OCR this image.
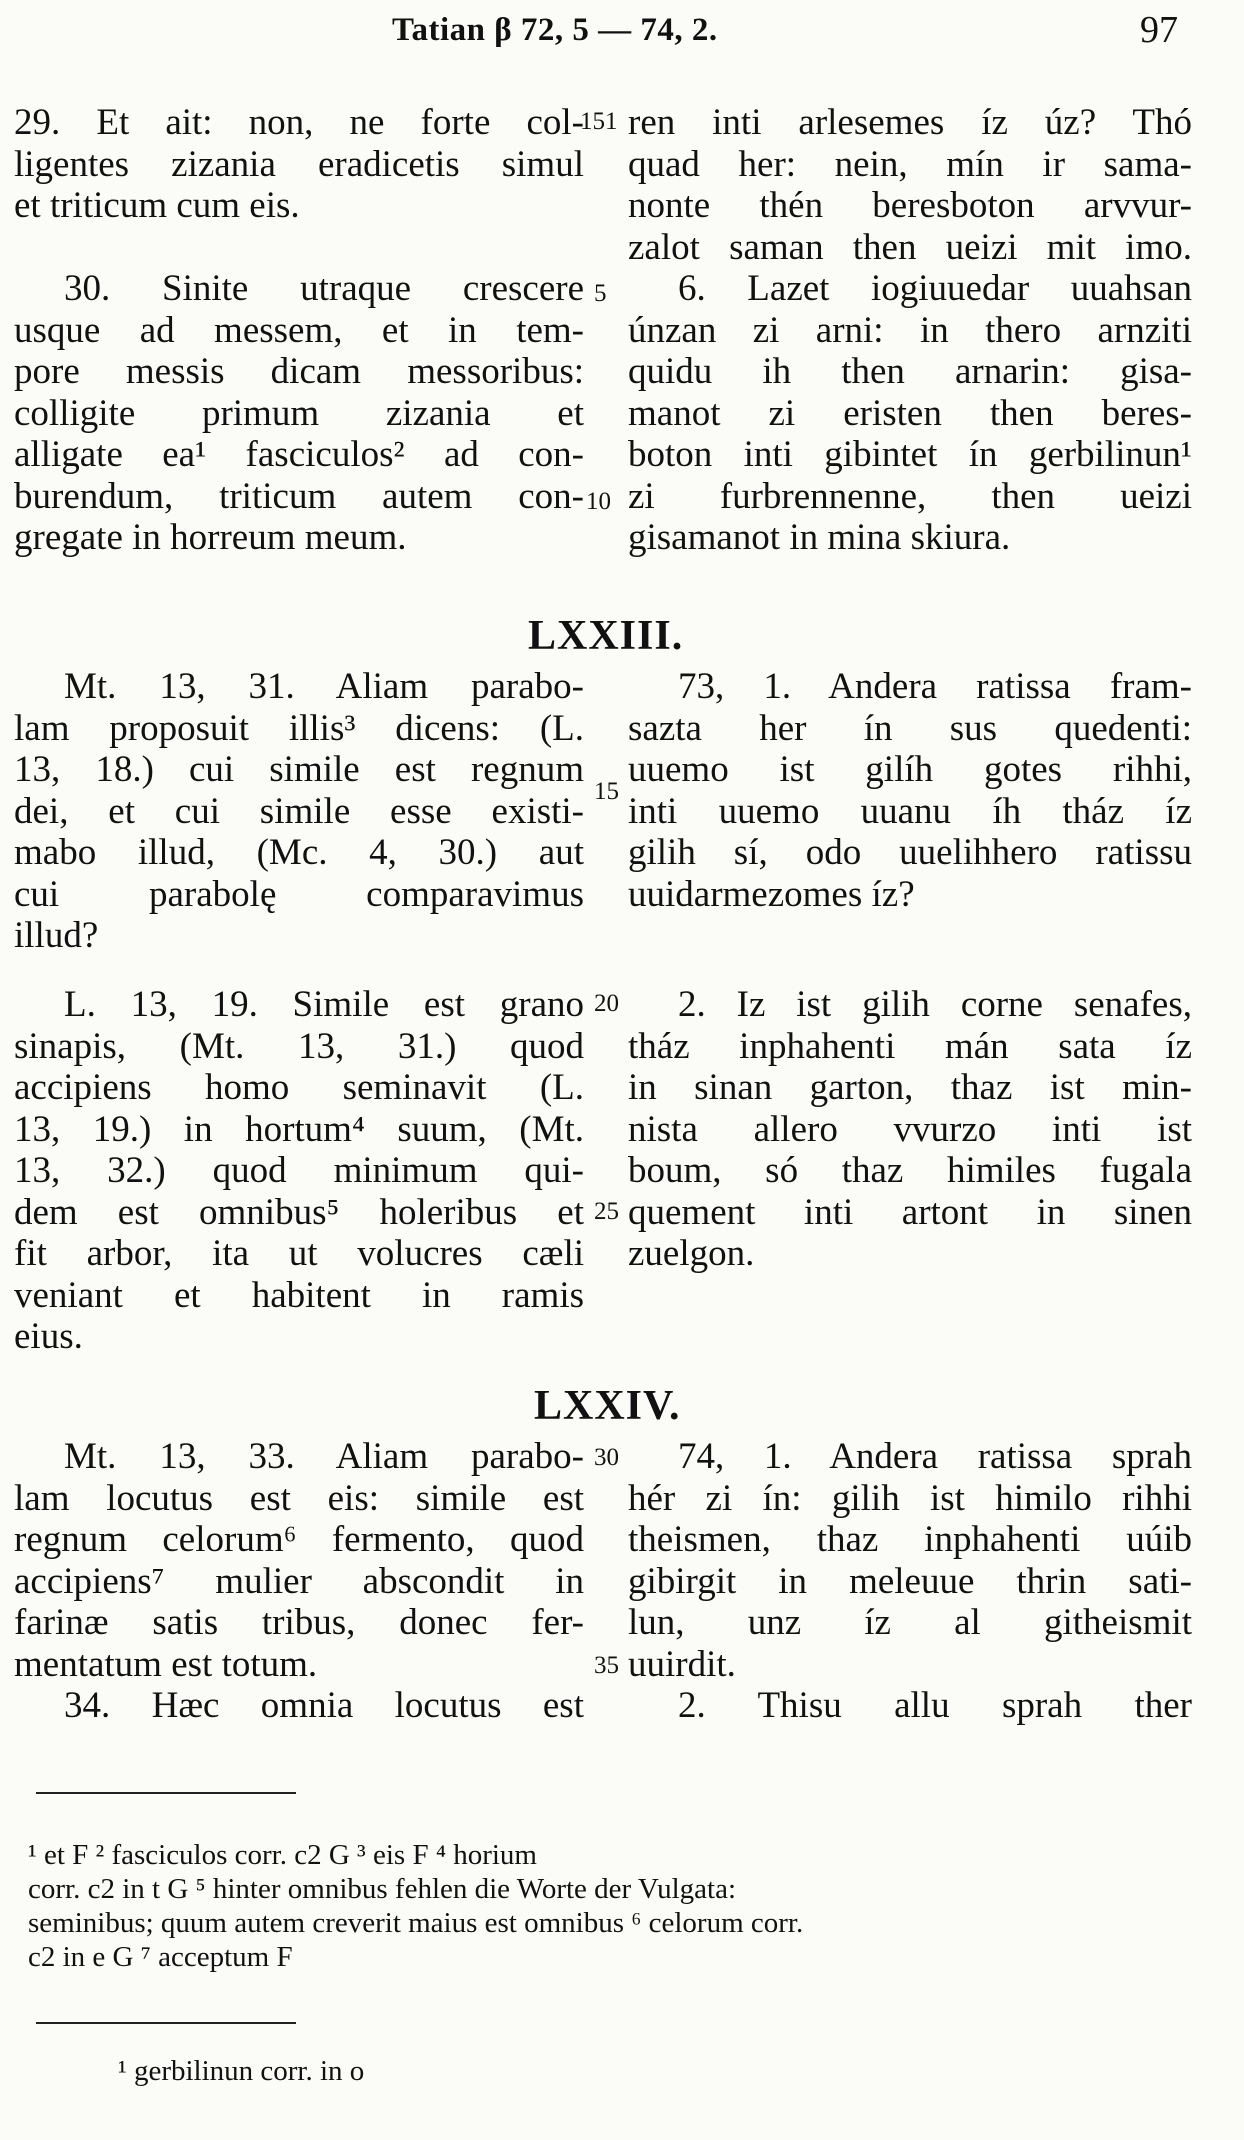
Tatian β 72, 5 — 74, 2.	97
29. Et ait: non, ne forte col-
ligentes zizania eradicetis simul
et triticum cum eis.
30. Sinite utraque crescere
usque ad messem, et in tem-
pore messis dicam messoribus:
colligite primum zizania et
alligate ea¹ fasciculos² ad con-
burendum, triticum autem con-
gregate in horreum meum.
ren inti arlesemes íz úz? Thó
quad her: nein, mín ir sama-
nonte thén beresboton arvvur-
zalot saman then ueizi mit imo.
6. Lazet iogiuuedar uuahsan
únzan zi arni: in thero arnziti
quidu ih then arnarin: gisa-
manot zi eristen then beres-
boton inti gibintet ín gerbilinun¹
zi furbrennenne, then ueizi
gisamanot in mina skiura.
151
5
10
LXXIII.
Mt. 13, 31. Aliam parabo-
lam proposuit illis³ dicens: (L.
13, 18.) cui simile est regnum
dei, et cui simile esse existi-
mabo illud, (Mc. 4, 30.) aut
cui parabolę comparavimus
illud?
73, 1. Andera ratissa fram-
sazta her ín sus quedenti:
uuemo ist gilíh gotes rihhi,
inti uuemo uuanu íh tház íz
gilih sí, odo uuelihhero ratissu
uuidarmezomes íz?
15
L. 13, 19. Simile est grano
sinapis, (Mt. 13, 31.) quod
accipiens homo seminavit (L.
13, 19.) in hortum⁴ suum, (Mt.
13, 32.) quod minimum qui-
dem est omnibus⁵ holeribus et
fit arbor, ita ut volucres cæli
veniant et habitent in ramis
eius.
2. Iz ist gilih corne senafes,
tház inphahenti mán sata íz
in sinan garton, thaz ist min-
nista allero vvurzo inti ist
boum, só thaz himiles fugala
quement inti artont in sinen
zuelgon.
20
25
LXXIV.
Mt. 13, 33. Aliam parabo-
lam locutus est eis: simile est
regnum celorum⁶ fermento, quod
accipiens⁷ mulier abscondit in
farinæ satis tribus, donec fer-
mentatum est totum.
34. Hæc omnia locutus est
74, 1. Andera ratissa sprah
hér zi ín: gilih ist himilo rihhi
theismen, thaz inphahenti uúib
gibirgit in meleuue thrin sati-
lun, unz íz al githeismit
uuirdit.
2. Thisu allu sprah ther
30
35
¹ et F ² fasciculos corr. c2 G ³ eis F ⁴ horium
corr. c2 in t G ⁵ hinter omnibus fehlen die Worte der Vulgata:
seminibus; quum autem creverit maius est omnibus ⁶ celorum corr.
c2 in e G ⁷ acceptum F
¹ gerbilinun corr. in o
